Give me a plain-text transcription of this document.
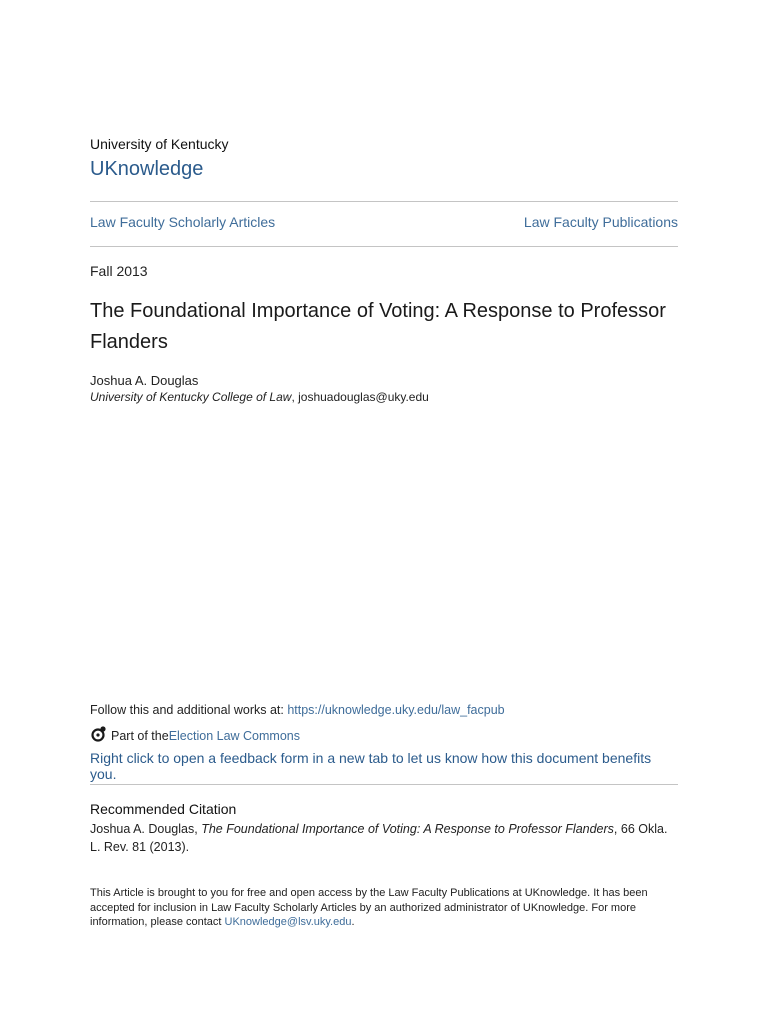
University of Kentucky
UKnowledge
Law Faculty Scholarly Articles	Law Faculty Publications
Fall 2013
The Foundational Importance of Voting: A Response to Professor Flanders
Joshua A. Douglas
University of Kentucky College of Law, joshuadouglas@uky.edu
Follow this and additional works at: https://uknowledge.uky.edu/law_facpub
Part of the Election Law Commons
Right click to open a feedback form in a new tab to let us know how this document benefits you.
Recommended Citation
Joshua A. Douglas, The Foundational Importance of Voting: A Response to Professor Flanders, 66 Okla. L. Rev. 81 (2013).
This Article is brought to you for free and open access by the Law Faculty Publications at UKnowledge. It has been accepted for inclusion in Law Faculty Scholarly Articles by an authorized administrator of UKnowledge. For more information, please contact UKnowledge@lsv.uky.edu.
